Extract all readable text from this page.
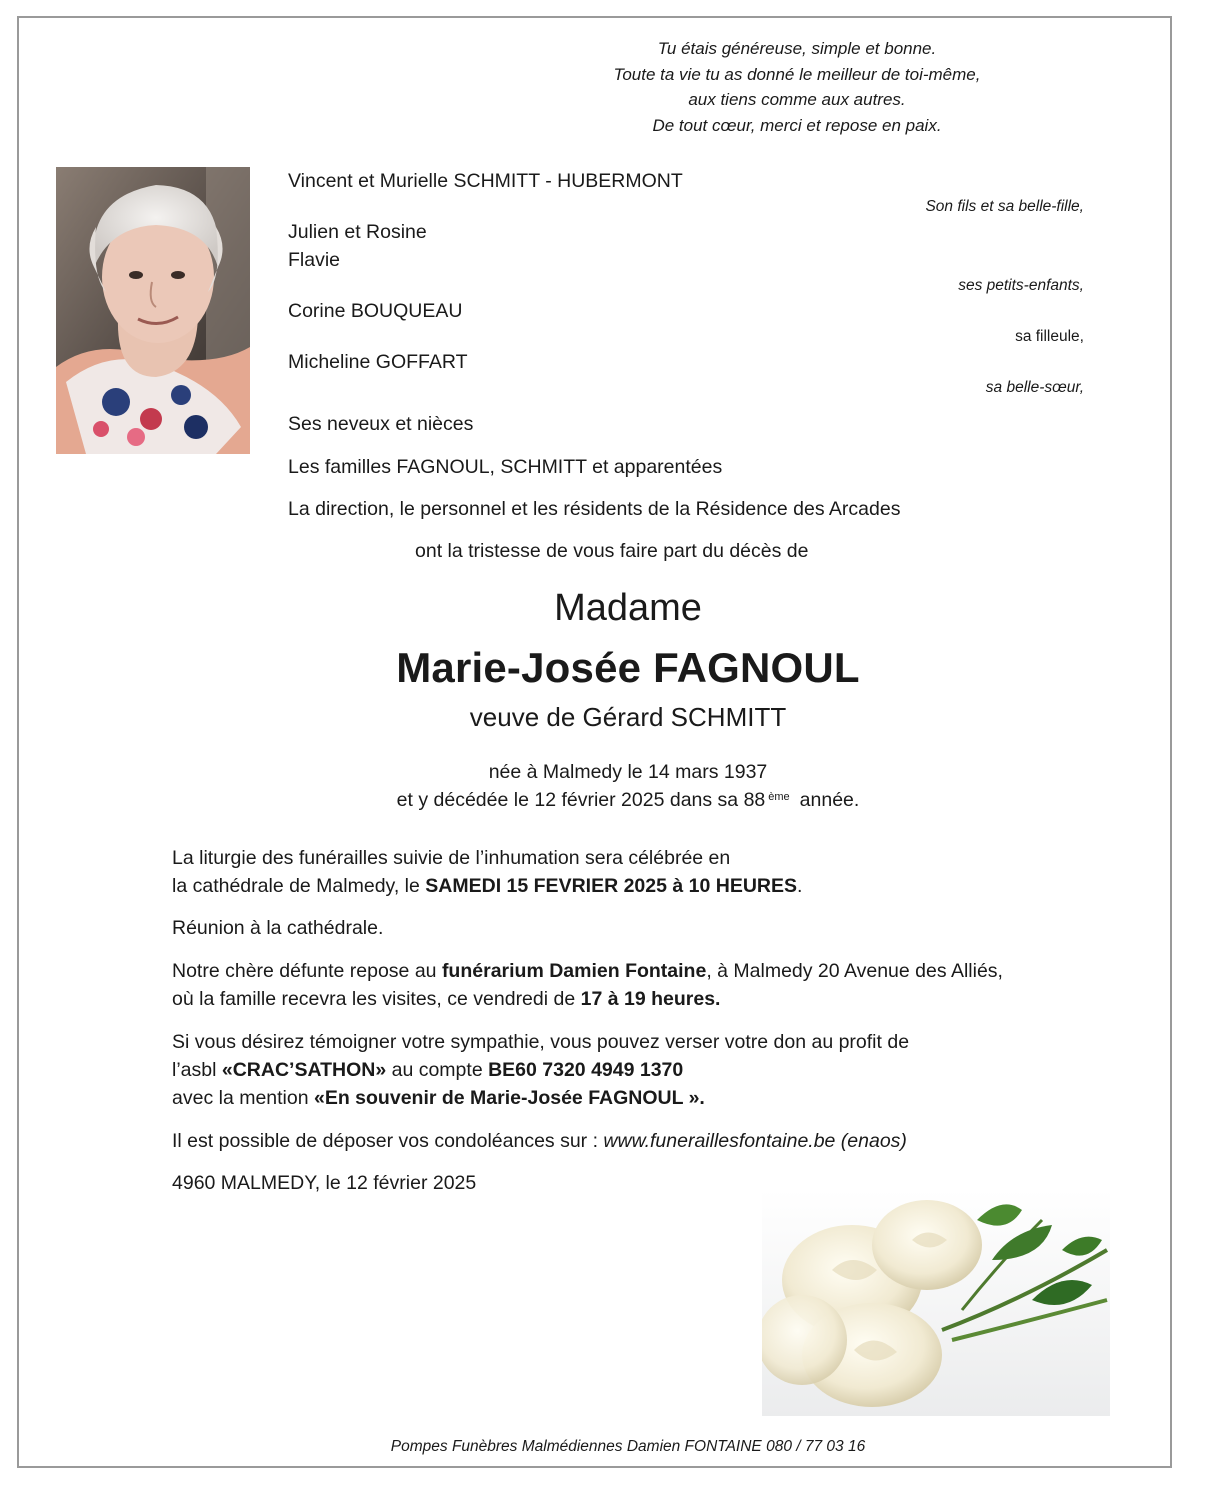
Tu étais généreuse, simple et bonne.
Toute ta vie tu as donné le meilleur de toi-même,
aux tiens comme aux autres.
De tout cœur, merci et repose en paix.
Vincent et Murielle SCHMITT - HUBERMONT
Son fils et sa belle-fille,
Julien et Rosine
Flavie
ses petits-enfants,
Corine BOUQUEAU
sa filleule,
Micheline GOFFART
sa belle-sœur,
Ses neveux et nièces
Les familles FAGNOUL, SCHMITT et apparentées
La direction, le personnel et les résidents de la Résidence des Arcades
ont la tristesse de vous faire part du décès de
Madame
Marie-Josée FAGNOUL
veuve de Gérard SCHMITT
née à Malmedy le 14 mars 1937
et y décédée le 12 février 2025 dans sa 88 $^{ème}$ année.
La liturgie des funérailles suivie de l’inhumation sera célébrée en
la cathédrale de Malmedy, le SAMEDI 15 FEVRIER 2025 à 10 HEURES.
Réunion à la cathédrale.
Notre chère défunte repose au funérarium Damien Fontaine, à Malmedy 20 Avenue des Alliés,
où la famille recevra les visites, ce vendredi de 17 à 19 heures.
Si vous désirez témoigner votre sympathie, vous pouvez verser votre don au profit de
l’asbl «CRAC’SATHON» au compte BE60 7320 4949 1370
avec la mention «En souvenir de Marie-Josée FAGNOUL ».
Il est possible de déposer vos condoléances sur : www.funeraillesfontaine.be (enaos)
4960 MALMEDY, le 12 février 2025
Pompes Funèbres Malmédiennes Damien FONTAINE 080 / 77 03 16
